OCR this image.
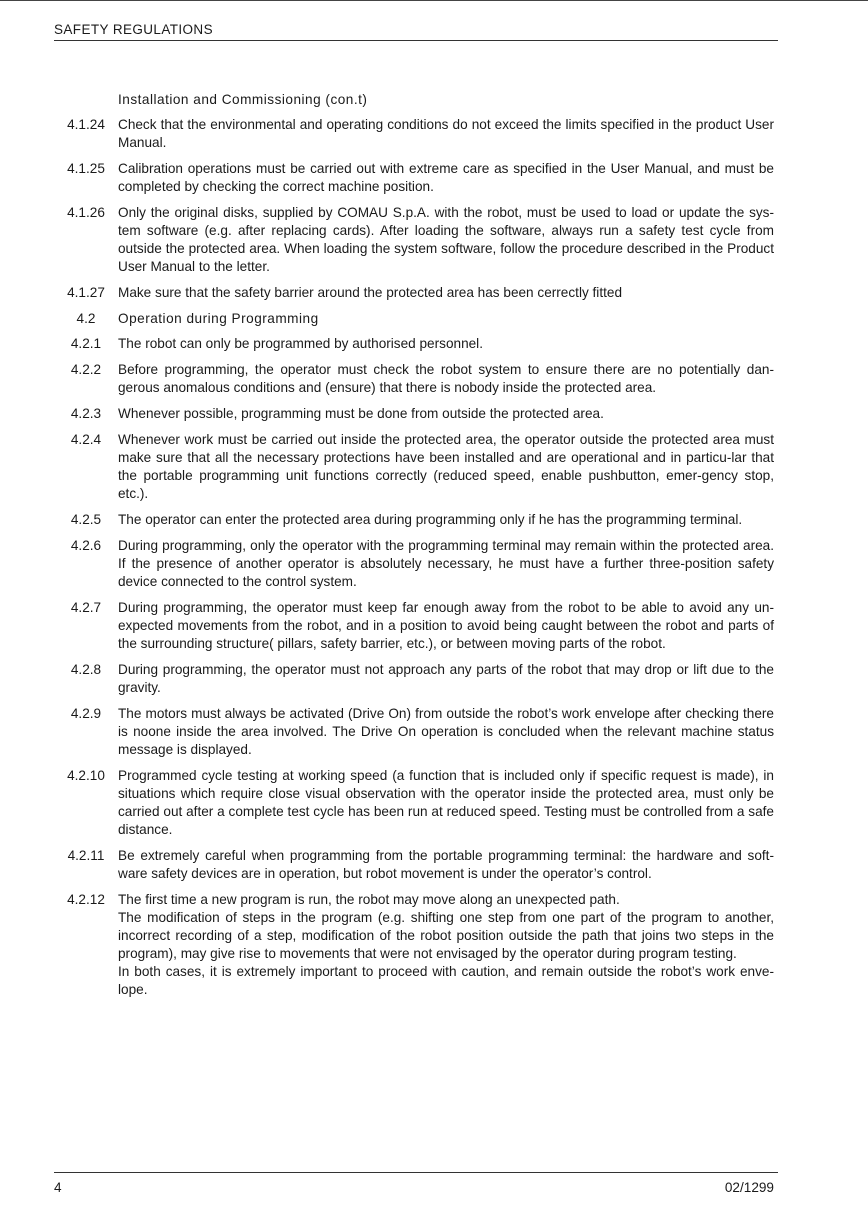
SAFETY REGULATIONS
Installation and Commissioning (con.t)
4.1.24 Check that the environmental and operating conditions do not exceed the limits specified in the product User Manual.
4.1.25 Calibration operations must be carried out with extreme care as specified in the User Manual, and must be completed by checking the correct machine position.
4.1.26 Only the original disks, supplied by COMAU S.p.A. with the robot, must be used to load or update the sys-tem software (e.g. after replacing cards). After loading the software, always run a safety test cycle from outside the protected area. When loading the system software, follow the procedure described in the Product User Manual to the letter.
4.1.27 Make sure that the safety barrier around the protected area has been cerrectly fitted
4.2	Operation during Programming
4.2.1	The robot can only be programmed by authorised personnel.
4.2.2	Before programming, the operator must check the robot system to ensure there are no potentially dan-gerous anomalous conditions and (ensure) that there is nobody inside the protected area.
4.2.3	Whenever possible, programming must be done from outside the protected area.
4.2.4	Whenever work must be carried out inside the protected area, the operator outside the protected area must make sure that all the necessary protections have been installed and are operational and in particu-lar that the portable programming unit functions correctly (reduced speed, enable pushbutton, emer-gency stop, etc.).
4.2.5	The operator can enter the protected area during programming only if he has the programming terminal.
4.2.6	During programming, only the operator with the programming terminal may remain within the protected area. If the presence of another operator is absolutely necessary, he must have a further three-position safety device connected to the control system.
4.2.7	During programming, the operator must keep far enough away from the robot to be able to avoid any un-expected movements from the robot, and in a position to avoid being caught between the robot and parts of the surrounding structure( pillars, safety barrier, etc.), or between moving parts of the robot.
4.2.8	During programming, the operator must not approach any parts of the robot that may drop or lift due to the gravity.
4.2.9	The motors must always be activated (Drive On) from outside the robot’s work envelope after checking there is noone inside the area involved. The Drive On operation is concluded when the relevant machine status message is displayed.
4.2.10 Programmed cycle testing at working speed (a function that is included only if specific request is made), in situations which require close visual observation with the operator inside the protected area, must only be carried out after a complete test cycle has been run at reduced speed. Testing must be controlled from a safe distance.
4.2.11	Be extremely careful when programming from the portable programming terminal: the hardware and soft-ware safety devices are in operation, but robot movement is under the operator’s control.
4.2.12 The first time a new program is run, the robot may move along an unexpected path.
The modification of steps in the program (e.g. shifting one step from one part of the program to another, incorrect recording of a step, modification of the robot position outside the path that joins two steps in the program), may give rise to movements that were not envisaged by the operator during program testing.
In both cases, it is extremely important to proceed with caution, and remain outside the robot’s work enve-lope.
4	02/1299
